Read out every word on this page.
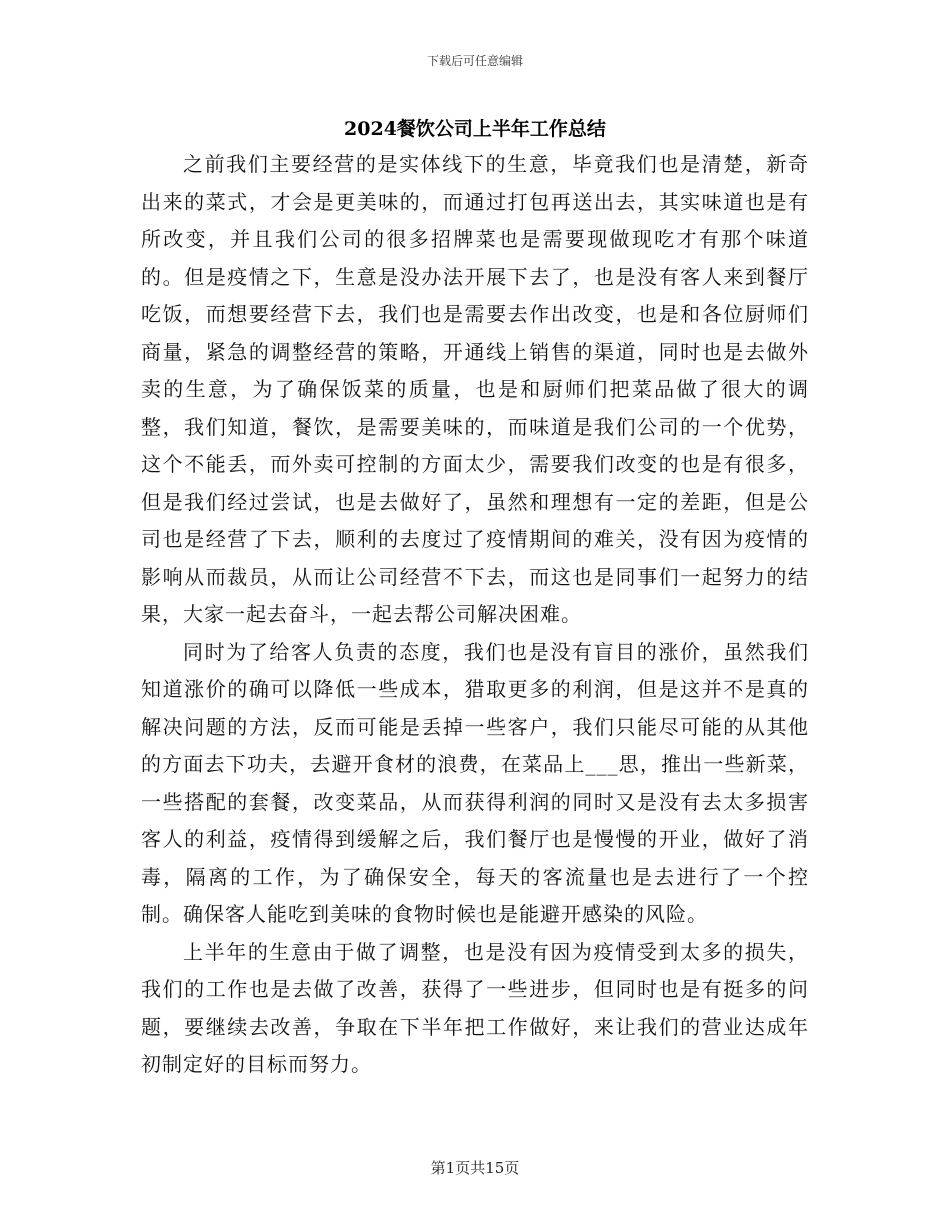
下载后可任意编辑
2024餐饮公司上半年工作总结

之前我们主要经营的是实体线下的生意，毕竟我们也是清楚，新奇出来的菜式，才会是更美味的，而通过打包再送出去，其实味道也是有所改变，并且我们公司的很多招牌菜也是需要现做现吃才有那个味道的。但是疫情之下，生意是没办法开展下去了，也是没有客人来到餐厅吃饭，而想要经营下去，我们也是需要去作出改变，也是和各位厨师们商量，紧急的调整经营的策略，开通线上销售的渠道，同时也是去做外卖的生意，为了确保饭菜的质量，也是和厨师们把菜品做了很大的调整，我们知道，餐饮，是需要美味的，而味道是我们公司的一个优势，这个不能丢，而外卖可控制的方面太少，需要我们改变的也是有很多，但是我们经过尝试，也是去做好了，虽然和理想有一定的差距，但是公司也是经营了下去，顺利的去度过了疫情期间的难关，没有因为疫情的影响从而裁员，从而让公司经营不下去，而这也是同事们一起努力的结果，大家一起去奋斗，一起去帮公司解决困难。

同时为了给客人负责的态度，我们也是没有盲目的涨价，虽然我们知道涨价的确可以降低一些成本，猎取更多的利润，但是这并不是真的解决问题的方法，反而可能是丢掉一些客户，我们只能尽可能的从其他的方面去下功夫，去避开食材的浪费，在菜品上___思，推出一些新菜，一些搭配的套餐，改变菜品，从而获得利润的同时又是没有去太多损害客人的利益，疫情得到缓解之后，我们餐厅也是慢慢的开业，做好了消毒，隔离的工作，为了确保安全，每天的客流量也是去进行了一个控制。确保客人能吃到美味的食物时候也是能避开感染的风险。

上半年的生意由于做了调整，也是没有因为疫情受到太多的损失，我们的工作也是去做了改善，获得了一些进步，但同时也是有挺多的问题，要继续去改善，争取在下半年把工作做好，来让我们的营业达成年初制定好的目标而努力。

第1页共15页
